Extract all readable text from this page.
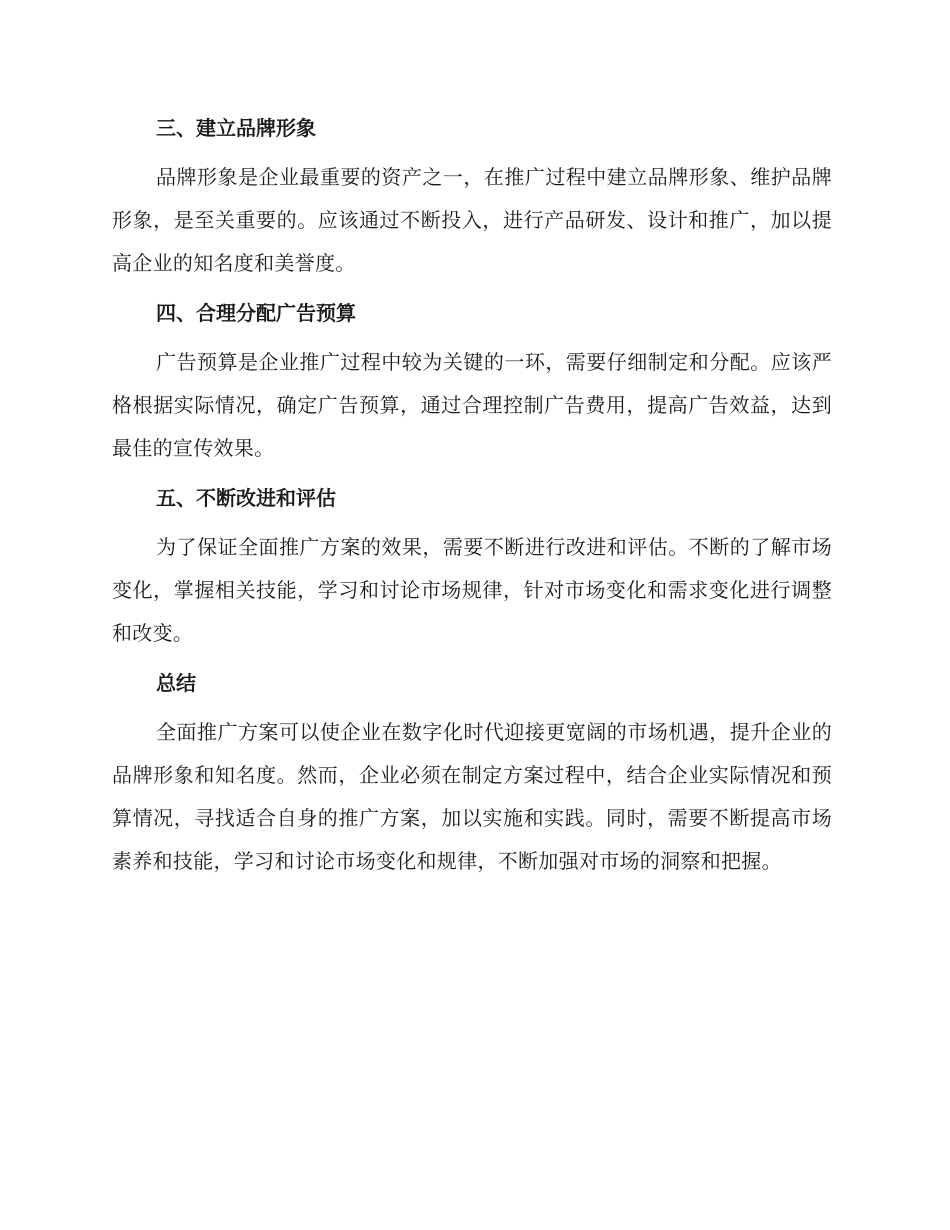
三、建立品牌形象

品牌形象是企业最重要的资产之一，在推广过程中建立品牌形象、维护品牌形象，是至关重要的。应该通过不断投入，进行产品研发、设计和推广，加以提高企业的知名度和美誉度。

四、合理分配广告预算

广告预算是企业推广过程中较为关键的一环，需要仔细制定和分配。应该严格根据实际情况，确定广告预算，通过合理控制广告费用，提高广告效益，达到最佳的宣传效果。

五、不断改进和评估

为了保证全面推广方案的效果，需要不断进行改进和评估。不断的了解市场变化，掌握相关技能，学习和讨论市场规律，针对市场变化和需求变化进行调整和改变。

总结

全面推广方案可以使企业在数字化时代迎接更宽阔的市场机遇，提升企业的品牌形象和知名度。然而，企业必须在制定方案过程中，结合企业实际情况和预算情况，寻找适合自身的推广方案，加以实施和实践。同时，需要不断提高市场素养和技能，学习和讨论市场变化和规律，不断加强对市场的洞察和把握。
